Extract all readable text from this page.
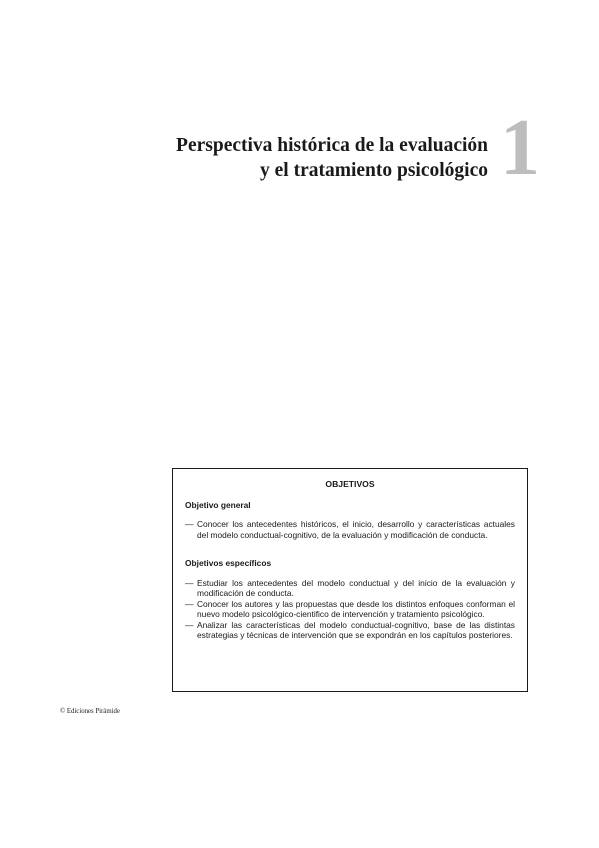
Perspectiva histórica de la evaluación
y el tratamiento psicológico 1
OBJETIVOS
Objetivo general
— Conocer los antecedentes históricos, el inicio, desarrollo y características actuales del modelo conductual-cognitivo, de la evaluación y modificación de conducta.
Objetivos específicos
— Estudiar los antecedentes del modelo conductual y del inicio de la evaluación y modificación de conducta.
— Conocer los autores y las propuestas que desde los distintos enfoques conforman el nuevo modelo psicológico-cientifico de intervención y tratamiento psicológico.
— Analizar las características del modelo conductual-cognitivo, base de las distintas estrategias y técnicas de intervención que se expondrán en los capítulos posteriores.
© Ediciones Pirámide
